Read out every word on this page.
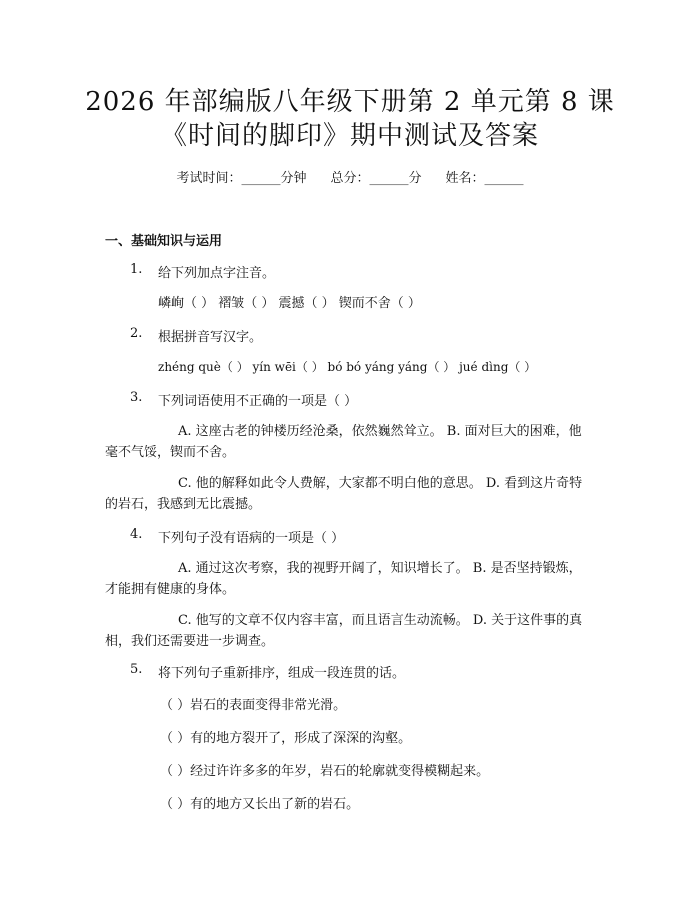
2026 年部编版八年级下册第 2 单元第 8 课
《时间的脚印》期中测试及答案
考试时间：______分钟 总分：______分 姓名：______
一、基础知识与运用
1. 给下列加点字注音。
嶙峋（ ） 褶皱（ ） 震撼（ ） 锲而不舍（ ）
2. 根据拼音写汉字。
zhéng què（ ） yín wēi（ ） bó bó yáng yáng（ ） jué dìng（ ）
3. 下列词语使用不正确的一项是（ ）
A. 这座古老的钟楼历经沧桑，依然巍然耸立。 B. 面对巨大的困难，他
毫不气馁，锲而不舍。
C. 他的解释如此令人费解，大家都不明白他的意思。 D. 看到这片奇特
的岩石，我感到无比震撼。
4. 下列句子没有语病的一项是（ ）
A. 通过这次考察，我的视野开阔了，知识增长了。 B. 是否坚持锻炼，
才能拥有健康的身体。
C. 他写的文章不仅内容丰富，而且语言生动流畅。 D. 关于这件事的真
相，我们还需要进一步调查。
5. 将下列句子重新排序，组成一段连贯的话。
（ ）岩石的表面变得非常光滑。
（ ）有的地方裂开了，形成了深深的沟壑。
（ ）经过许许多多的年岁，岩石的轮廓就变得模糊起来。
（ ）有的地方又长出了新的岩石。
